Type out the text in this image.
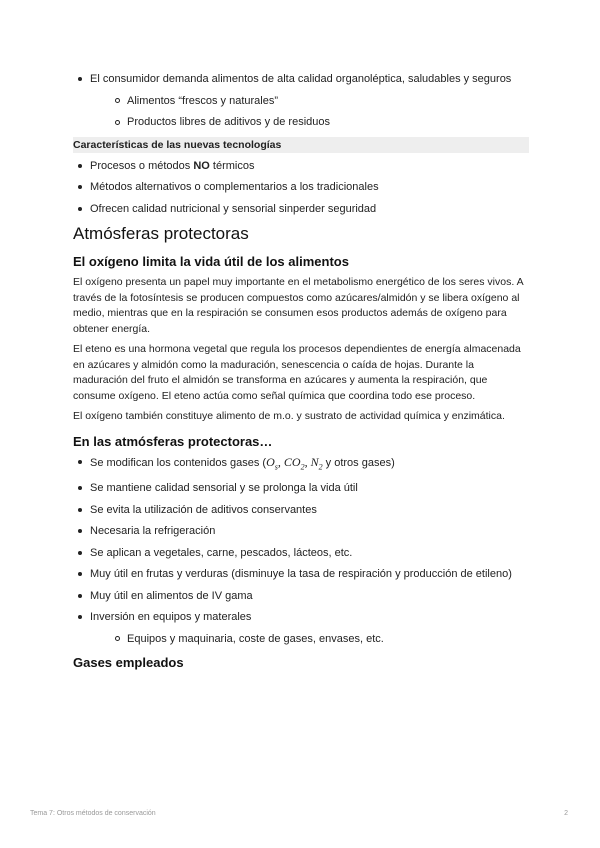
El consumidor demanda alimentos de alta calidad organoléptica, saludables y seguros
Alimentos “frescos y naturales”
Productos libres de aditivos y de residuos
Características de las nuevas tecnologías
Procesos o métodos NO térmicos
Métodos alternativos o complementarios a los tradicionales
Ofrecen calidad nutricional y sensorial sinperder seguridad
Atmósferas protectoras
El oxígeno limita la vida útil de los alimentos

El oxígeno presenta un papel muy importante en el metabolismo energético de los seres vivos. A través de la fotosíntesis se producen compuestos como azúcares/almidón y se libera oxígeno al medio, mientras que en la respiración se consumen esos productos además de oxígeno para obtener energía.

El eteno es una hormona vegetal que regula los procesos dependientes de energía almacenada en azúcares y almidón como la maduración, senescencia o caída de hojas. Durante la maduración del fruto el almidón se transforma en azúcares y aumenta la respiración, que consume oxígeno. El eteno actúa como señal química que coordina todo ese proceso.

El oxígeno también constituye alimento de m.o. y sustrato de actividad química y enzimática.

En las atmósferas protectoras…
Se modifican los contenidos gases ($O_s$, $CO_2$, $N_2$ y otros gases)
Se mantiene calidad sensorial y se prolonga la vida útil
Se evita la utilización de aditivos conservantes
Necesaria la refrigeración
Se aplican a vegetales, carne, pescados, lácteos, etc.
Muy útil en frutas y verduras (disminuye la tasa de respiración y producción de etileno)
Muy útil en alimentos de IV gama
Inversión en equipos y materales
Equipos y maquinaria, coste de gases, envases, etc.
Gases empleados
Tema 7: Otros métodos de conservación	2
